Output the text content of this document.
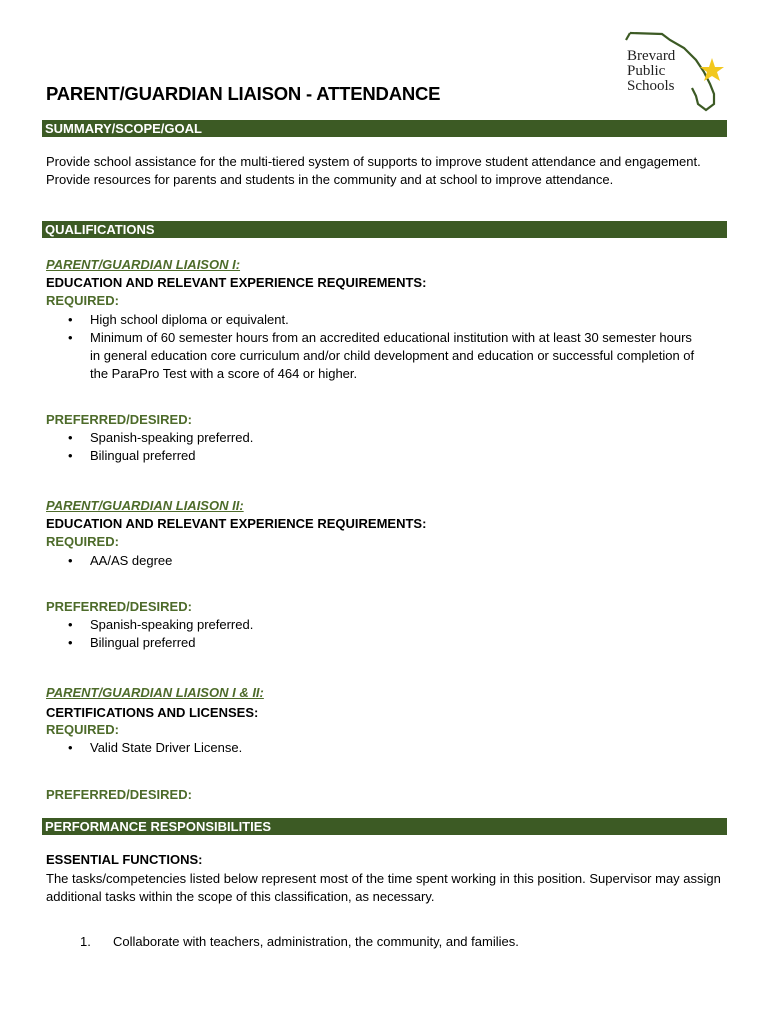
Brevard
Public
Schools
PARENT/GUARDIAN LIAISON - ATTENDANCE
SUMMARY/SCOPE/GOAL
Provide school assistance for the multi-tiered system of supports to improve student attendance and engagement. Provide resources for parents and students in the community and at school to improve attendance.
QUALIFICATIONS
PARENT/GUARDIAN LIAISON I:
EDUCATION AND RELEVANT EXPERIENCE REQUIREMENTS:
REQUIRED:
• High school diploma or equivalent.
• Minimum of 60 semester hours from an accredited educational institution with at least 30 semester hours in general education core curriculum and/or child development and education or successful completion of the ParaPro Test with a score of 464 or higher.
PREFERRED/DESIRED:
• Spanish-speaking preferred.
• Bilingual preferred
PARENT/GUARDIAN LIAISON II:
EDUCATION AND RELEVANT EXPERIENCE REQUIREMENTS:
REQUIRED:
• AA/AS degree
PREFERRED/DESIRED:
• Spanish-speaking preferred.
• Bilingual preferred
PARENT/GUARDIAN LIAISON I & II:
CERTIFICATIONS AND LICENSES:
REQUIRED:
• Valid State Driver License.
PREFERRED/DESIRED:
PERFORMANCE RESPONSIBILITIES
ESSENTIAL FUNCTIONS:
The tasks/competencies listed below represent most of the time spent working in this position. Supervisor may assign additional tasks within the scope of this classification, as necessary.
1. Collaborate with teachers, administration, the community, and families.
